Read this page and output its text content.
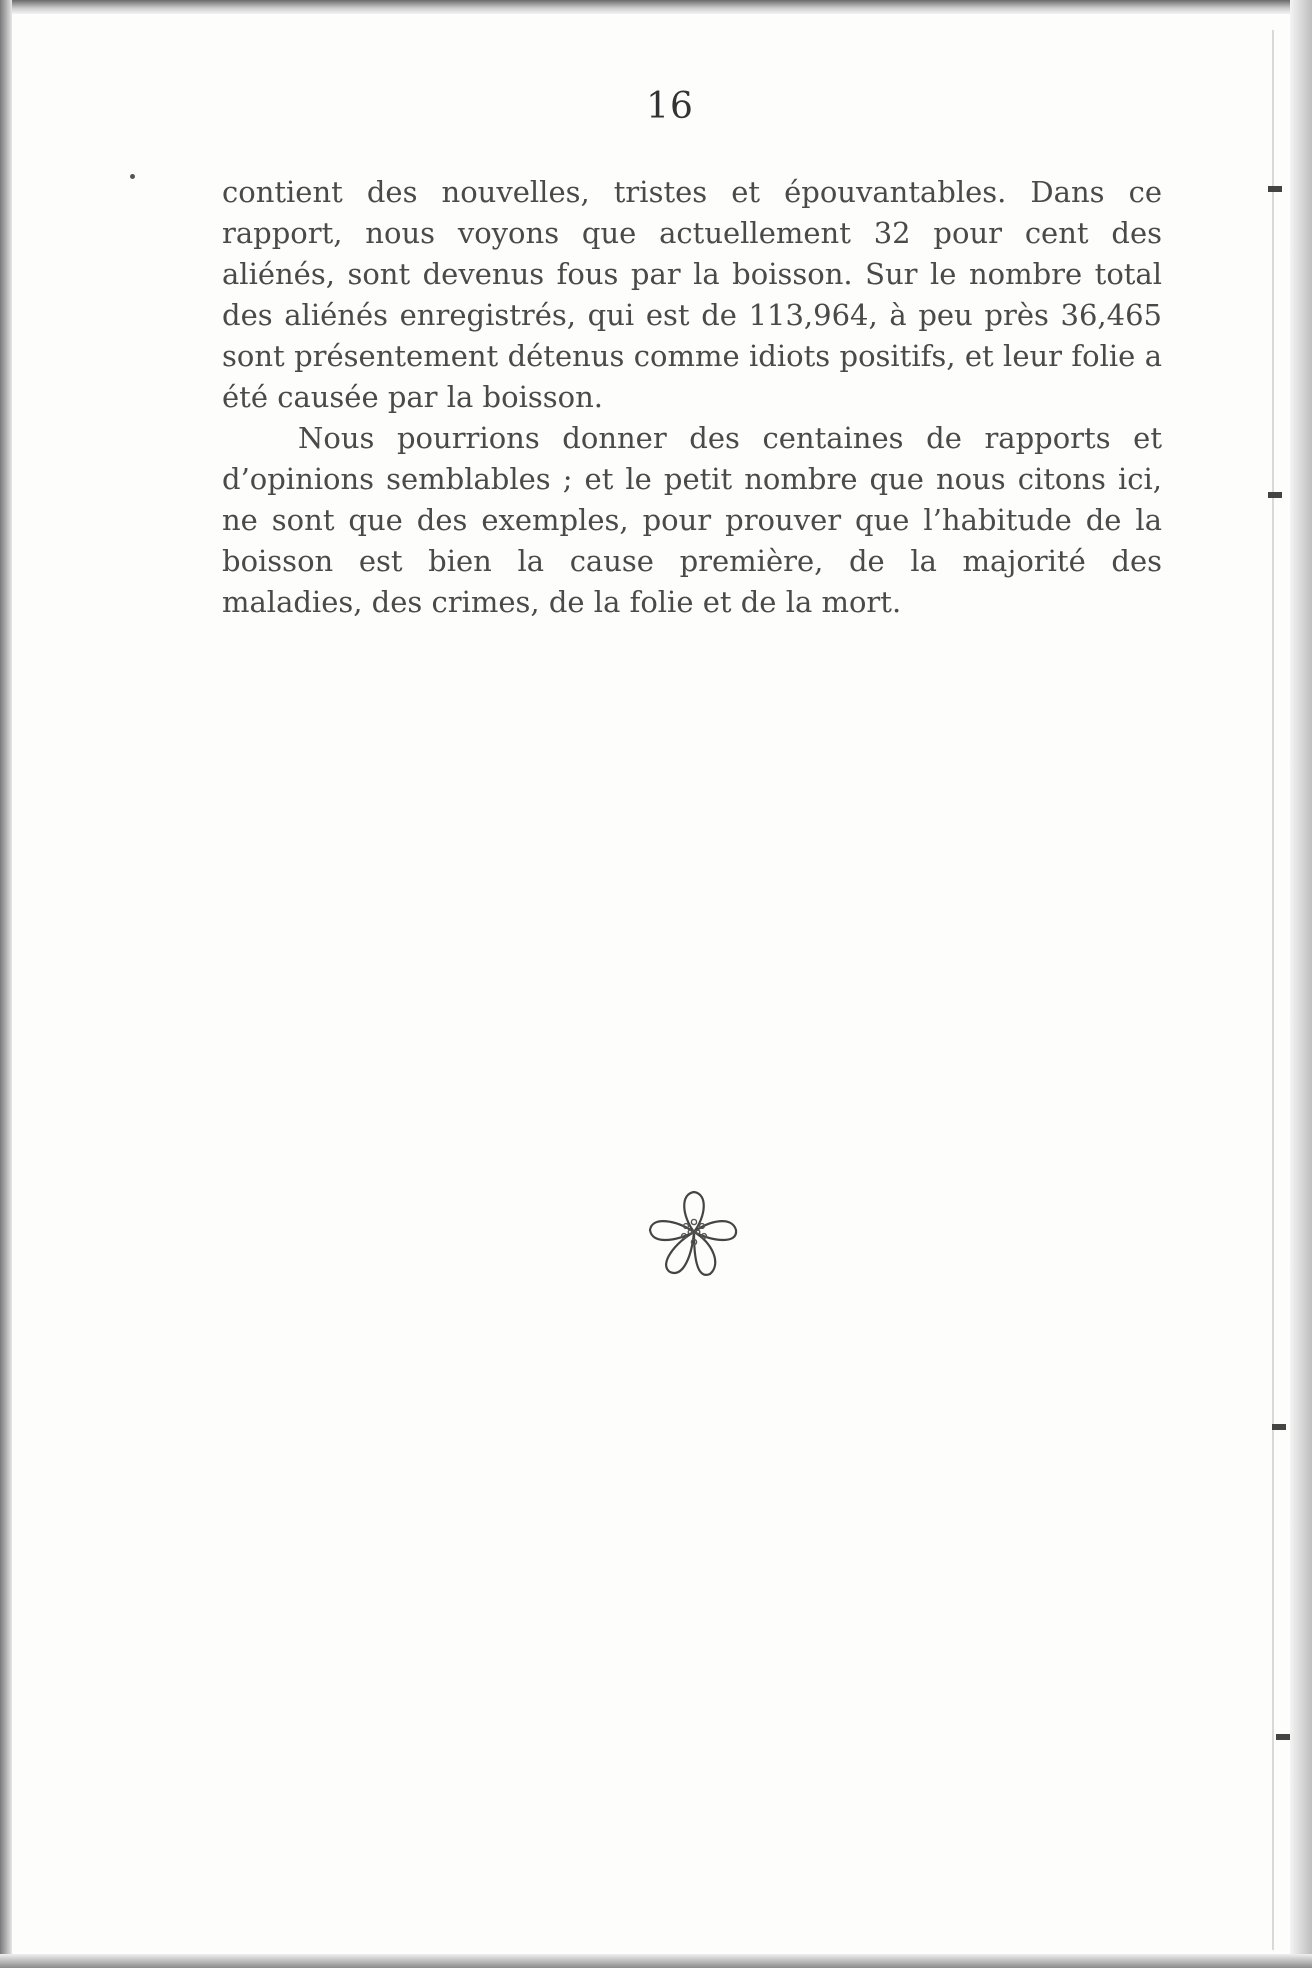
16

contient des nouvelles, tristes et épouvantables. Dans ce rapport, nous voyons que actuellement 32 pour cent des aliénés, sont devenus fous par la boisson. Sur le nombre total des aliénés enregistrés, qui est de 113,964, à peu près 36,465 sont présentement détenus comme idiots positifs, et leur folie a été causée par la boisson.

Nous pourrions donner des centaines de rapports et d’opinions semblables ; et le petit nombre que nous citons ici, ne sont que des exemples, pour prouver que l’habitude de la boisson est bien la cause première, de la majorité des maladies, des crimes, de la folie et de la mort.
